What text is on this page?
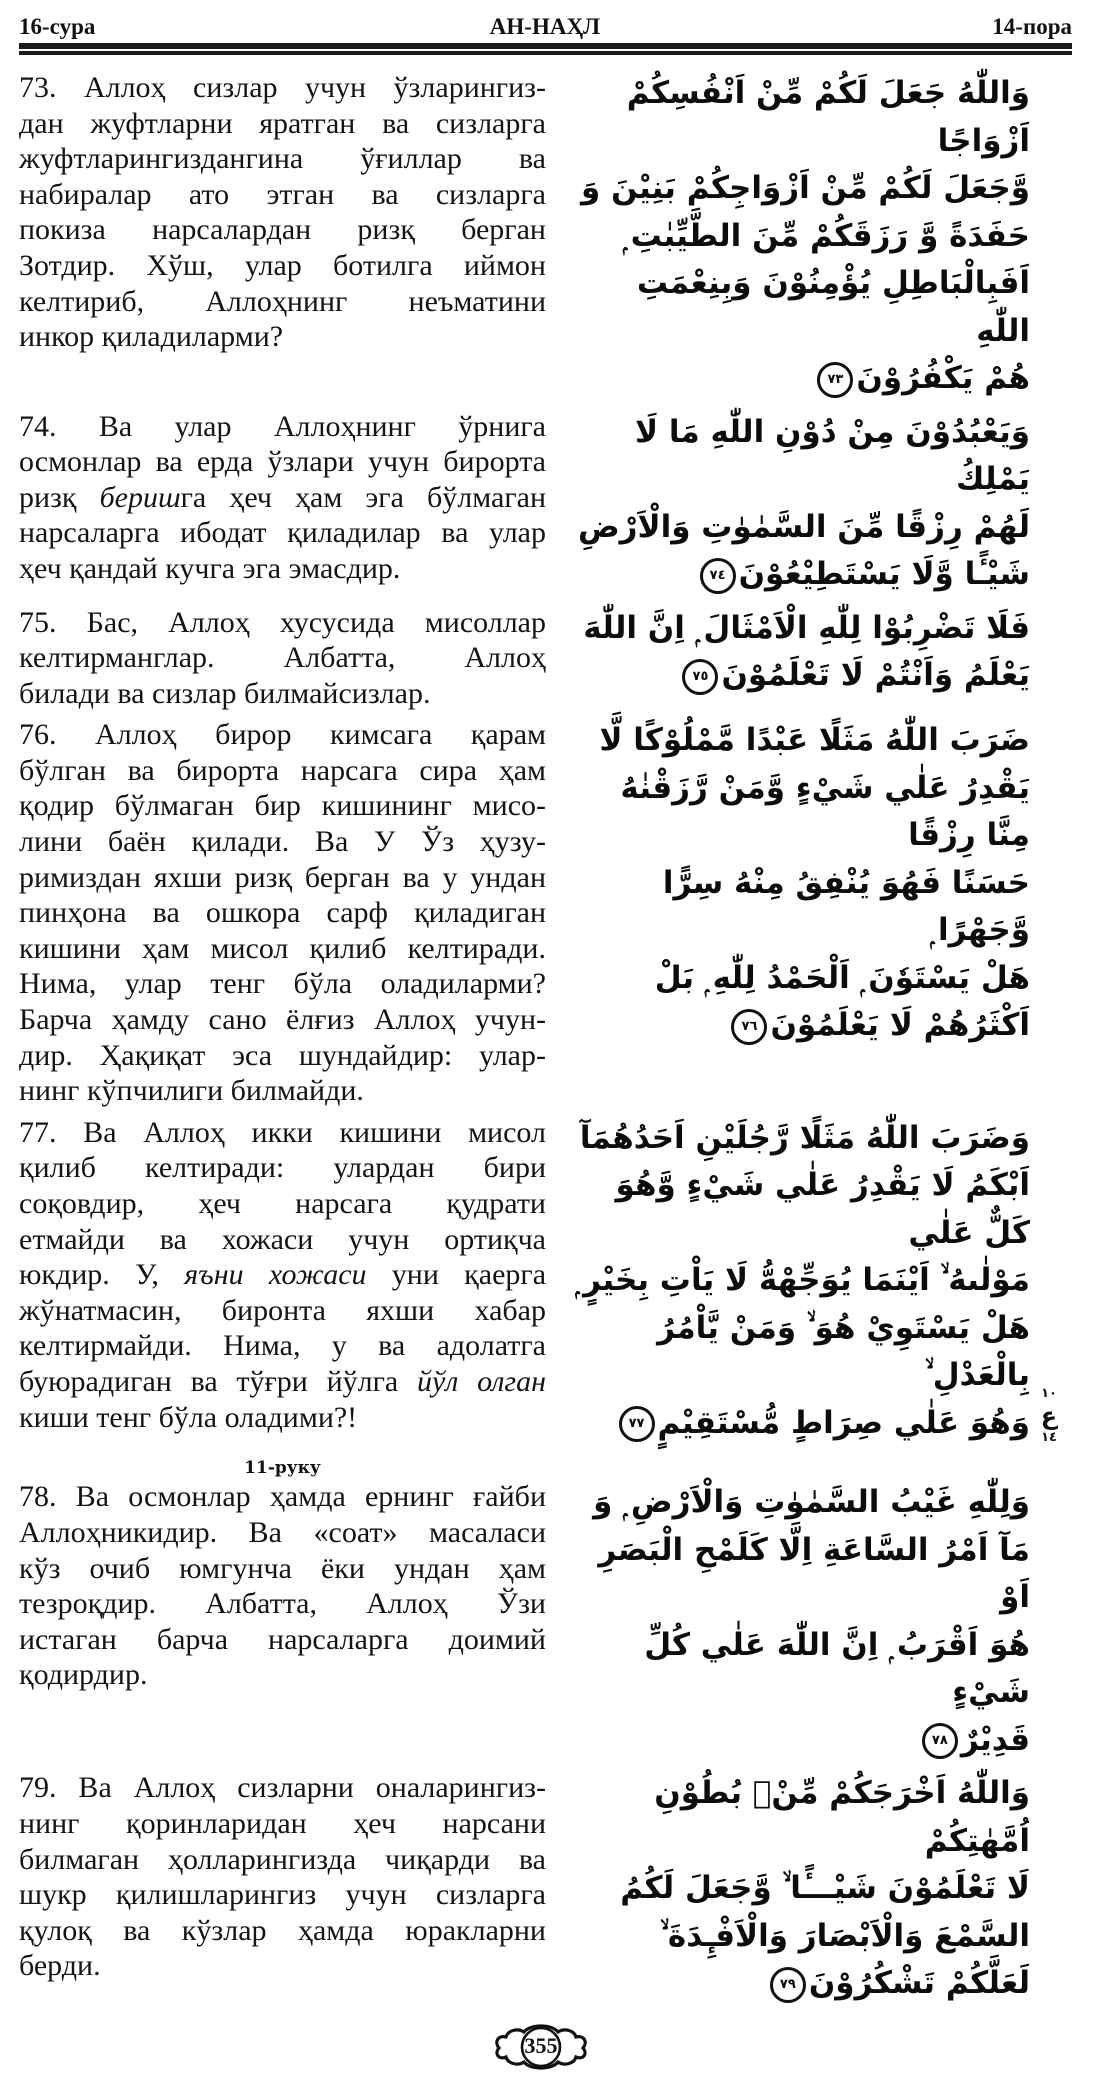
16-сура	АН-НАҲЛ	14-пора
73. Аллоҳ сизлар учун ўзларингиз-
дан жуфтларни яратган ва сизларга
жуфтларингиздангина ўғиллар ва
набиралар ато этган ва сизларга
покиза нарсалардан ризқ берган
Зотдир. Хўш, улар ботилга иймон
келтириб, Аллоҳнинг неъматини
инкор қиладиларми?
وَاللّٰهُ جَعَلَ لَكُمْ مِّنْ اَنْفُسِكُمْ اَزْوَاجًا
وَّجَعَلَ لَكُمْ مِّنْ اَزْوَاجِكُمْ بَنِيْنَ وَ
حَفَدَةً وَّ رَزَقَكُمْ مِّنَ الطَّيِّبٰتِ ۭ
اَفَبِالْبَاطِلِ يُؤْمِنُوْنَ وَبِنِعْمَتِ اللّٰهِ
هُمْ يَكْفُرُوْنَ٧٣
74. Ва улар Аллоҳнинг ўрнига
осмонлар ва ерда ўзлари учун бирорта
ризқ беришга ҳеч ҳам эга бўлмаган
нарсаларга ибодат қиладилар ва улар
ҳеч қандай кучга эга эмасдир.
وَيَعْبُدُوْنَ مِنْ دُوْنِ اللّٰهِ مَا لَا يَمْلِكُ
لَهُمْ رِزْقًا مِّنَ السَّمٰوٰتِ وَالْاَرْضِ
شَيْـًٔا وَّلَا يَسْتَطِيْعُوْنَ٧٤
75. Бас, Аллоҳ хусусида мисоллар
келтирманглар. Албатта, Аллоҳ
билади ва сизлар билмайсизлар.
فَلَا تَضْرِبُوْا لِلّٰهِ الْاَمْثَالَ ۭ اِنَّ اللّٰهَ
يَعْلَمُ وَاَنْتُمْ لَا تَعْلَمُوْنَ٧٥
76. Аллоҳ бирор кимсага қарам
бўлган ва бирорта нарсага сира ҳам
қодир бўлмаган бир кишининг мисо-
лини баён қилади. Ва У Ўз ҳузу-
римиздан яхши ризқ берган ва у ундан
пинҳона ва ошкора сарф қиладиган
кишини ҳам мисол қилиб келтиради.
Нима, улар тенг бўла оладиларми?
Барча ҳамду сано ёлғиз Аллоҳ учун-
дир. Ҳақиқат эса шундайдир: улар-
нинг кўпчилиги билмайди.
ضَرَبَ اللّٰهُ مَثَلًا عَبْدًا مَّمْلُوْكًا لَّا
يَقْدِرُ عَلٰي شَيْءٍ وَّمَنْ رَّزَقْنٰهُ مِنَّا رِزْقًا
حَسَنًا فَهُوَ يُنْفِقُ مِنْهُ سِرًّا وَّجَهْرًا ۭ
هَلْ يَسْتَوٗنَ ۭ اَلْحَمْدُ لِلّٰهِ ۭ بَلْ
اَكْثَرُهُمْ لَا يَعْلَمُوْنَ٧٦
77. Ва Аллоҳ икки кишини мисол
қилиб келтиради: улардан бири
соқовдир, ҳеч нарсага қудрати
етмайди ва хожаси учун ортиқча
юкдир. У, яъни хожаси уни қаерга
жўнатмасин, биронта яхши хабар
келтирмайди. Нима, у ва адолатга
буюрадиган ва тўғри йўлга йўл олган
киши тенг бўла оладими?!
وَضَرَبَ اللّٰهُ مَثَلًا رَّجُلَيْنِ اَحَدُهُمَآ
اَبْكَمُ لَا يَقْدِرُ عَلٰي شَيْءٍ وَّهُوَ كَلٌّ عَلٰي
مَوْلٰىهُ ۙ اَيْنَمَا يُوَجِّهْهُّ لَا يَاْتِ بِخَيْرٍ ۭ
هَلْ يَسْتَوِيْ هُوَ ۙ وَمَنْ يَّاْمُرُ بِالْعَدْلِ ۙ
وَهُوَ عَلٰي صِرَاطٍ مُّسْتَقِيْمٍ٧٧
١٠
ع
١٤
11-руку
78. Ва осмонлар ҳамда ернинг ғайби
Аллоҳникидир. Ва «соат» масаласи
кўз очиб юмгунча ёки ундан ҳам
тезроқдир. Албатта, Аллоҳ Ўзи
истаган барча нарсаларга доимий
қодирдир.
وَلِلّٰهِ غَيْبُ السَّمٰوٰتِ وَالْاَرْضِ ۭ وَ
مَآ اَمْرُ السَّاعَةِ اِلَّا كَلَمْحِ الْبَصَرِ اَوْ
هُوَ اَقْرَبُ ۭ اِنَّ اللّٰهَ عَلٰي كُلِّ شَيْءٍ
قَدِيْرٌ٧٨
79. Ва Аллоҳ сизларни оналарингиз-
нинг қоринларидан ҳеч нарсани
билмаган ҳолларингизда чиқарди ва
шукр қилишларингиз учун сизларга
қулоқ ва кўзлар ҳамда юракларни
берди.
وَاللّٰهُ اَخْرَجَكُمْ مِّنْۢ بُطُوْنِ اُمَّهٰتِكُمْ
لَا تَعْلَمُوْنَ شَيْـــًٔا ۙ وَّجَعَلَ لَكُمُ
السَّمْعَ وَالْاَبْصَارَ وَالْاَفْـِٕدَةَ ۙ
لَعَلَّكُمْ تَشْكُرُوْنَ٧٩
355
